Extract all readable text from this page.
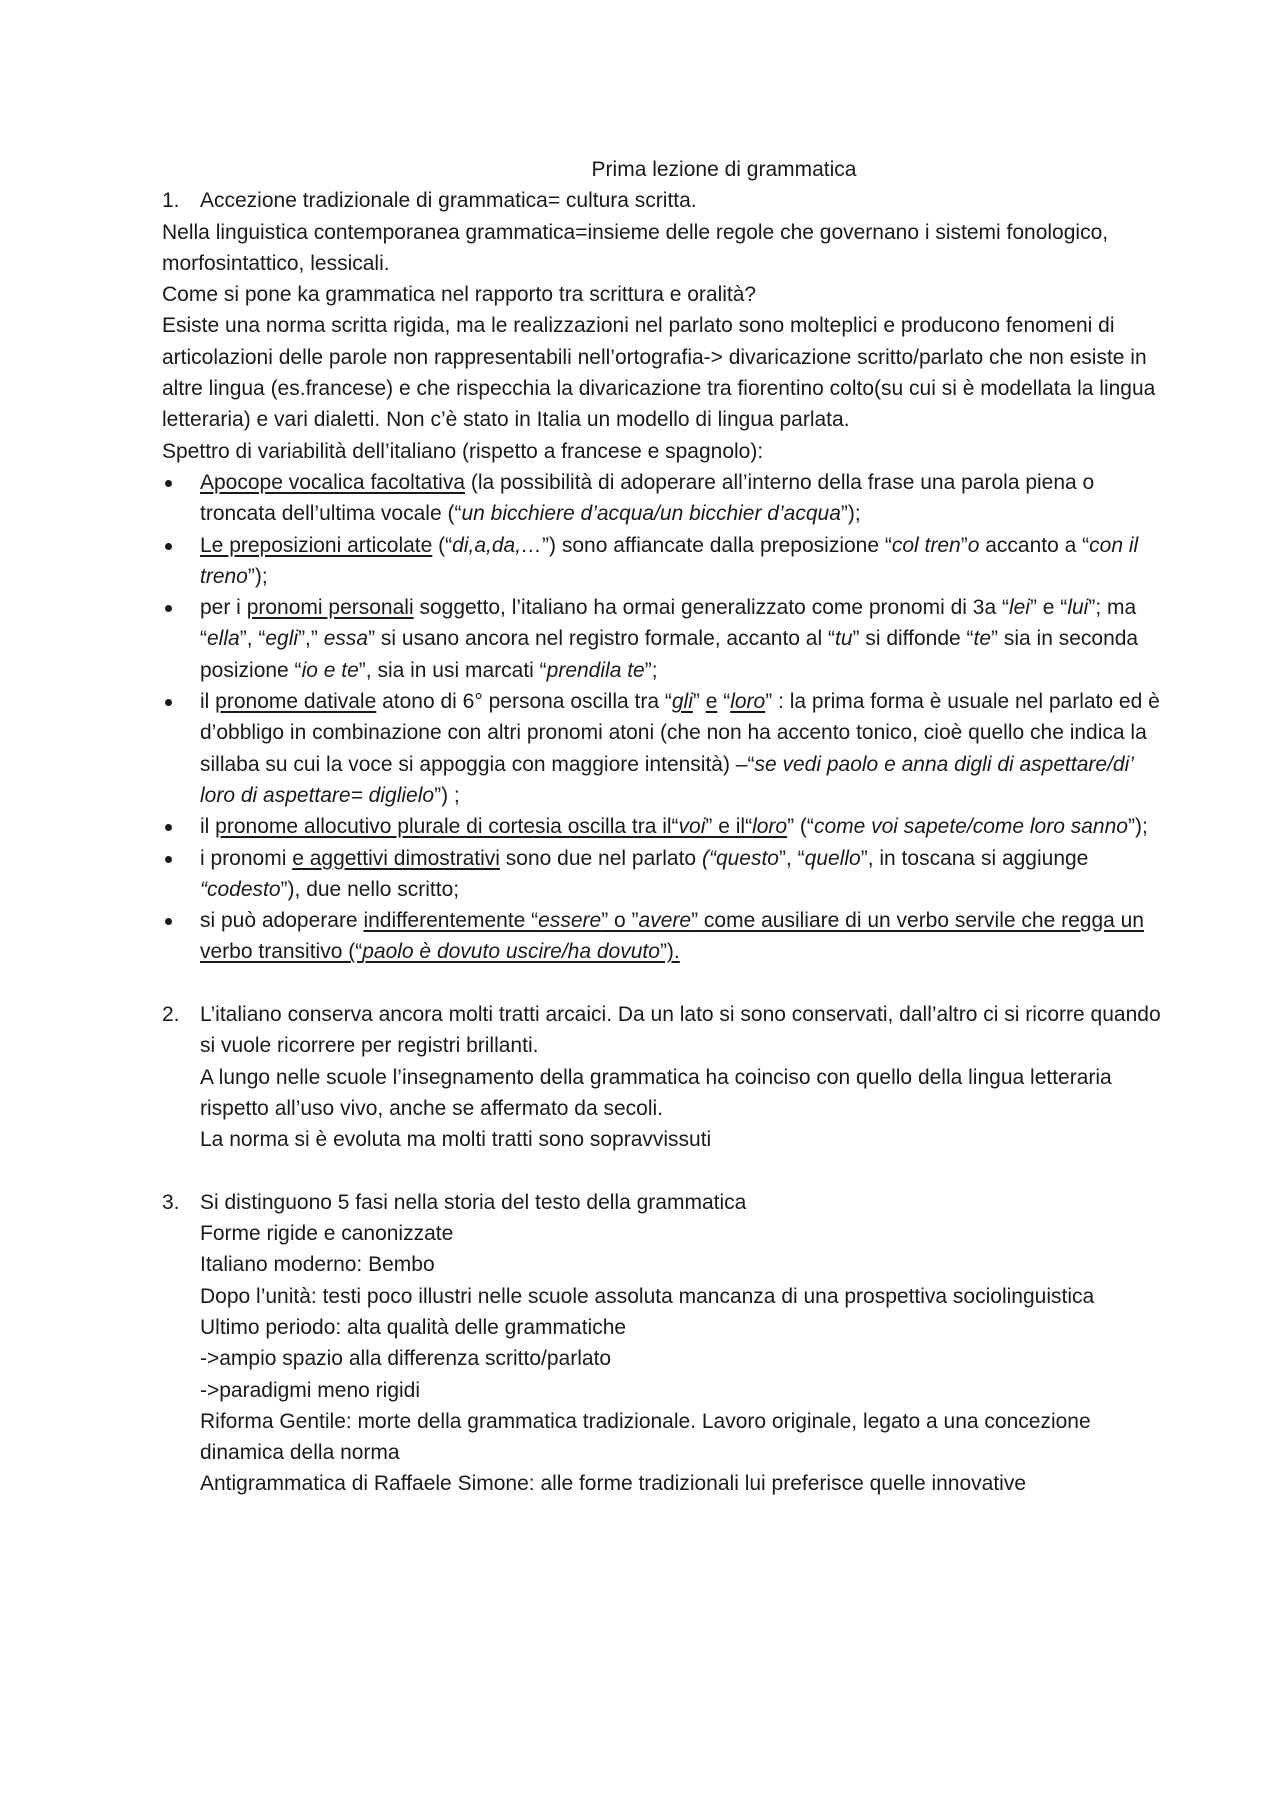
Prima lezione di grammatica
1. Accezione tradizionale di grammatica= cultura scritta.

Nella linguistica contemporanea grammatica=insieme delle regole che governano i sistemi fonologico, morfosintattico, lessicali.

Come si pone ka grammatica nel rapporto tra scrittura e oralità?

Esiste una norma scritta rigida, ma le realizzazioni nel parlato sono molteplici e producono fenomeni di articolazioni delle parole non rappresentabili nell’ortografia-> divaricazione scritto/parlato che non esiste in altre lingua (es.francese) e che rispecchia la divaricazione tra fiorentino colto(su cui si è modellata la lingua letteraria) e vari dialetti. Non c’è stato in Italia un modello di lingua parlata.

Spettro di variabilità dell’italiano (rispetto a francese e spagnolo):

Apocope vocalica facoltativa (la possibilità di adoperare all’interno della frase una parola piena o troncata dell’ultima vocale (“un bicchiere d’acqua/un bicchier d’acqua”);
Le preposizioni articolate (“di,a,da,…”) sono affiancate dalla preposizione “col tren”o accanto a “con il treno”);
per i pronomi personali soggetto, l’italiano ha ormai generalizzato come pronomi di 3a “lei” e “lui”; ma “ella”, “egli”,” essa” si usano ancora nel registro formale, accanto al “tu” si diffonde “te” sia in seconda posizione “io e te”, sia in usi marcati “prendila te”;
il pronome dativale atono di 6° persona oscilla tra “gli” e “loro” : la prima forma è usuale nel parlato ed è d’obbligo in combinazione con altri pronomi atoni (che non ha accento tonico, cioè quello che indica la sillaba su cui la voce si appoggia con maggiore intensità) –“se vedi paolo e anna digli di aspettare/di’ loro di aspettare= diglielo”) ;
il pronome allocutivo plurale di cortesia oscilla tra il“voi” e il“loro” (“come voi sapete/come loro sanno”);
i pronomi e aggettivi dimostrativi sono due nel parlato (“questo”, “quello”, in toscana si aggiunge “codesto”), due nello scritto;
si può adoperare indifferentemente “essere” o ”avere” come ausiliare di un verbo servile che regga un verbo transitivo (“paolo è dovuto uscire/ha dovuto”).
2. L’italiano conserva ancora molti tratti arcaici. Da un lato si sono conservati, dall’altro ci si ricorre quando si vuole ricorrere per registri brillanti.

A lungo nelle scuole l’insegnamento della grammatica ha coinciso con quello della lingua letteraria rispetto all’uso vivo, anche se affermato da secoli.

La norma si è evoluta ma molti tratti sono sopravvissuti

3. Si distinguono 5 fasi nella storia del testo della grammatica

Forme rigide e canonizzate

Italiano moderno: Bembo

Dopo l’unità: testi poco illustri nelle scuole assoluta mancanza di una prospettiva sociolinguistica

Ultimo periodo: alta qualità delle grammatiche

->ampio spazio alla differenza scritto/parlato

->paradigmi meno rigidi

Riforma Gentile: morte della grammatica tradizionale. Lavoro originale, legato a una concezione dinamica della norma

Antigrammatica di Raffaele Simone: alle forme tradizionali lui preferisce quelle innovative
